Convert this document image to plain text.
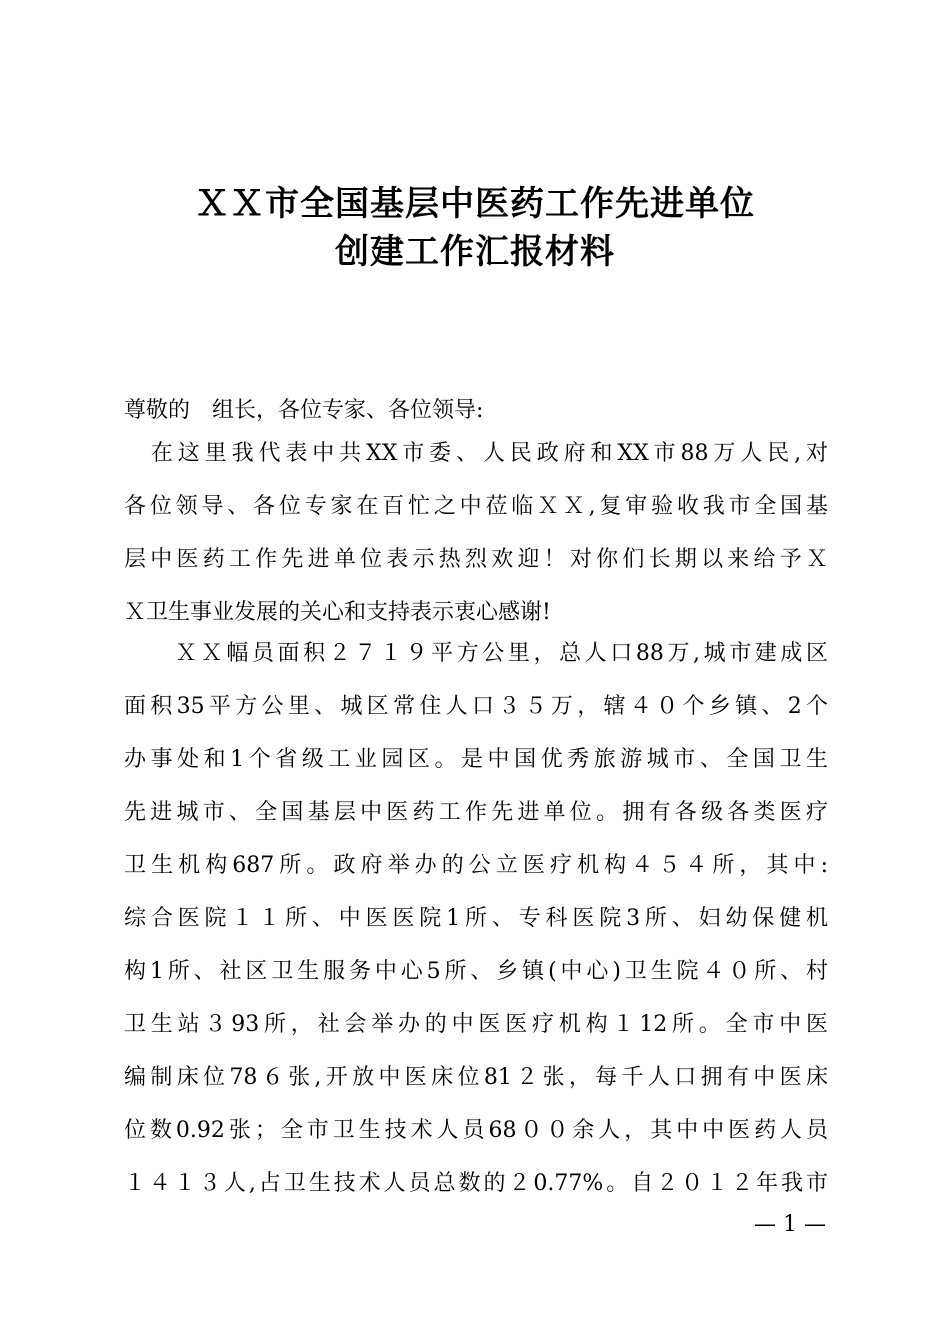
ＸＸ市全国基层中医药工作先进单位
创建工作汇报材料
尊敬的　组长，各位专家、各位领导:
　在这里我代表中共XX市委、人民政府和XX市88万人民,对
各位领导、各位专家在百忙之中莅临ＸＸ,复审验收我市全国基
层中医药工作先进单位表示热烈欢迎！对你们长期以来给予Ｘ
Ｘ卫生事业发展的关心和支持表示衷心感谢!
　　ＸＸ幅员面积２７１９平方公里，总人口88万,城市建成区
面积35平方公里、城区常住人口３５万，辖４０个乡镇、2个
办事处和1个省级工业园区。是中国优秀旅游城市、全国卫生
先进城市、全国基层中医药工作先进单位。拥有各级各类医疗
卫生机构687所。政府举办的公立医疗机构４５４所，其中:
综合医院１１所、中医医院1所、专科医院3所、妇幼保健机
构1所、社区卫生服务中心5所、乡镇(中心)卫生院４０所、村
卫生站３93所，社会举办的中医医疗机构１12所。全市中医
编制床位78６张,开放中医床位81２张，每千人口拥有中医床
位数0.92张；全市卫生技术人员68００余人，其中中医药人员
１４１３人,占卫生技术人员总数的２0.77%。自２０１２年我市
— 1 —
